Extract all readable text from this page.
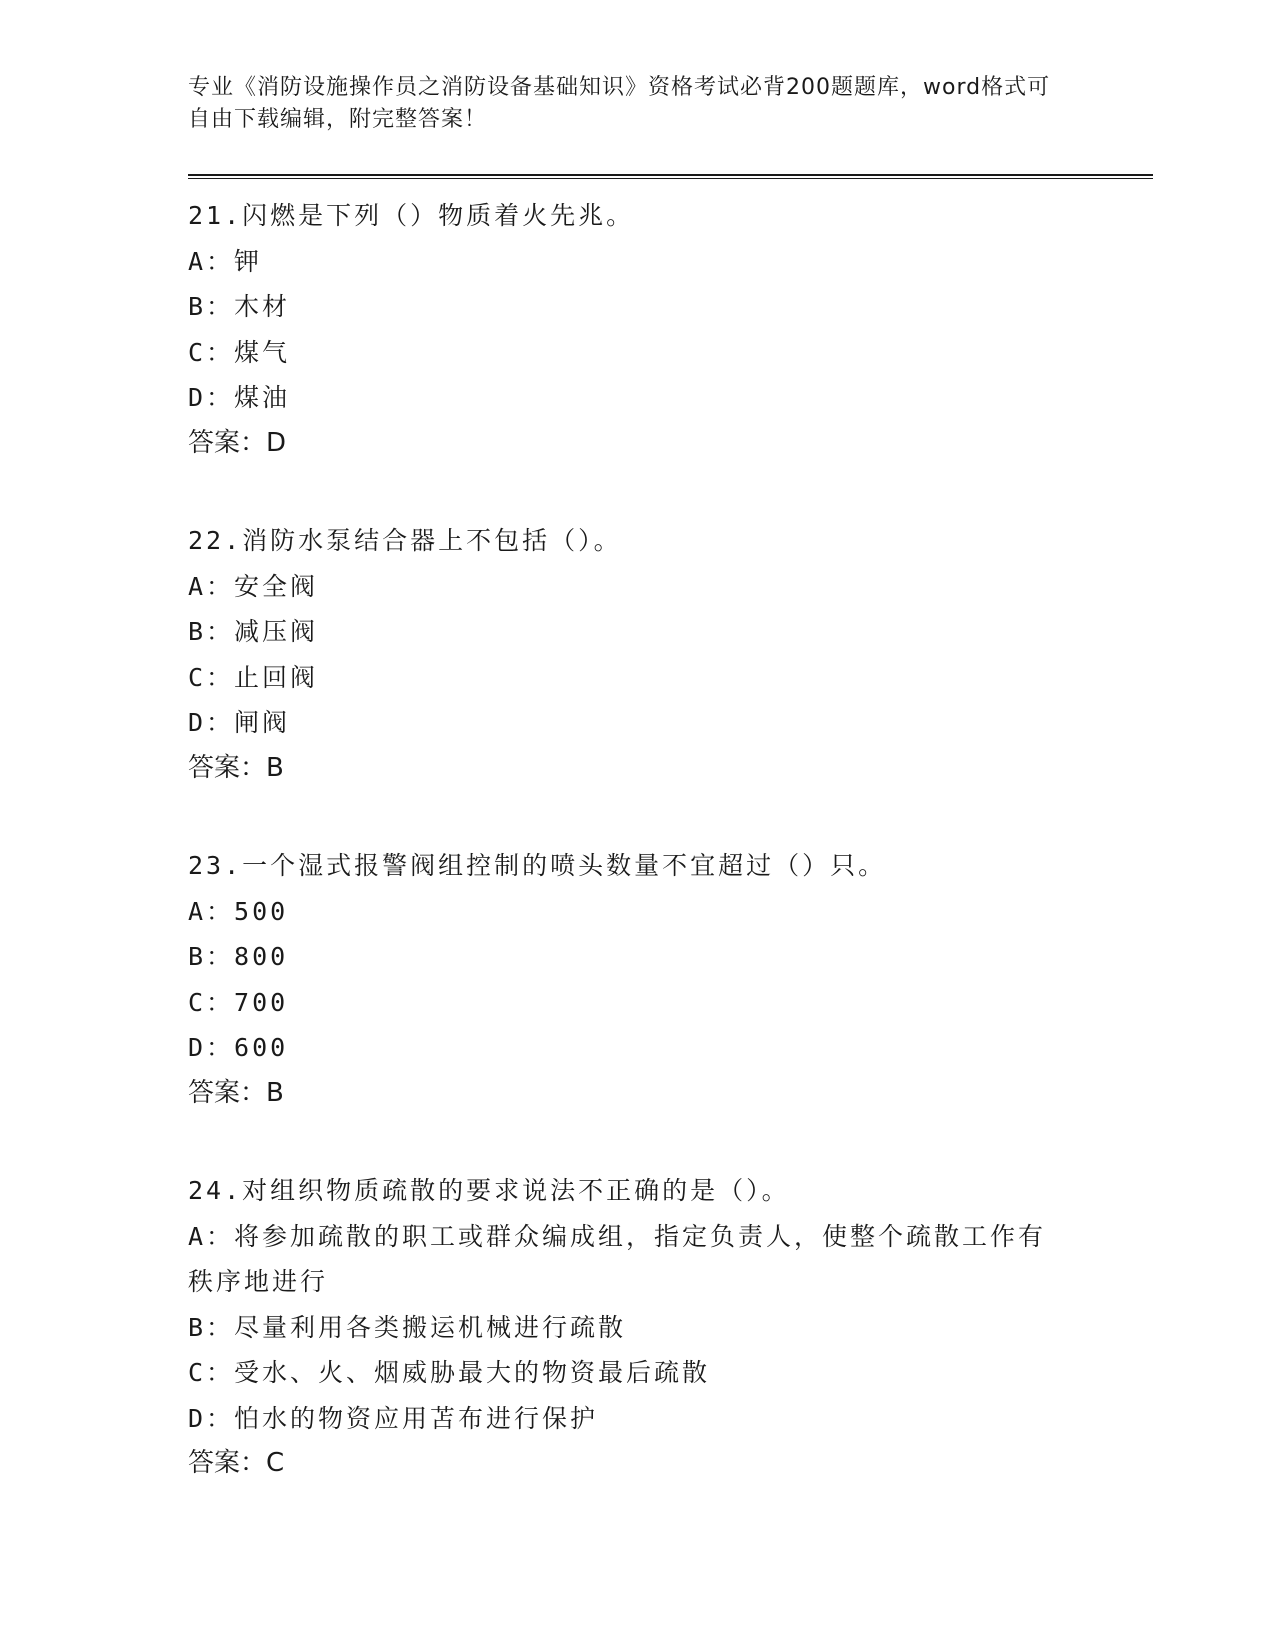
专业《消防设施操作员之消防设备基础知识》资格考试必背200题题库，word格式可自由下载编辑，附完整答案！

21.闪燃是下列（）物质着火先兆。

A：钾

B：木材

C：煤气

D：煤油

答案：D

22.消防水泵结合器上不包括（）。

A：安全阀

B：减压阀

C：止回阀

D：闸阀

答案：B

23.一个湿式报警阀组控制的喷头数量不宜超过（）只。

A：500

B：800

C：700

D：600

答案：B

24.对组织物质疏散的要求说法不正确的是（）。

A：将参加疏散的职工或群众编成组，指定负责人，使整个疏散工作有秩序地进行

B：尽量利用各类搬运机械进行疏散

C：受水、火、烟威胁最大的物资最后疏散

D：怕水的物资应用苫布进行保护

答案：C
